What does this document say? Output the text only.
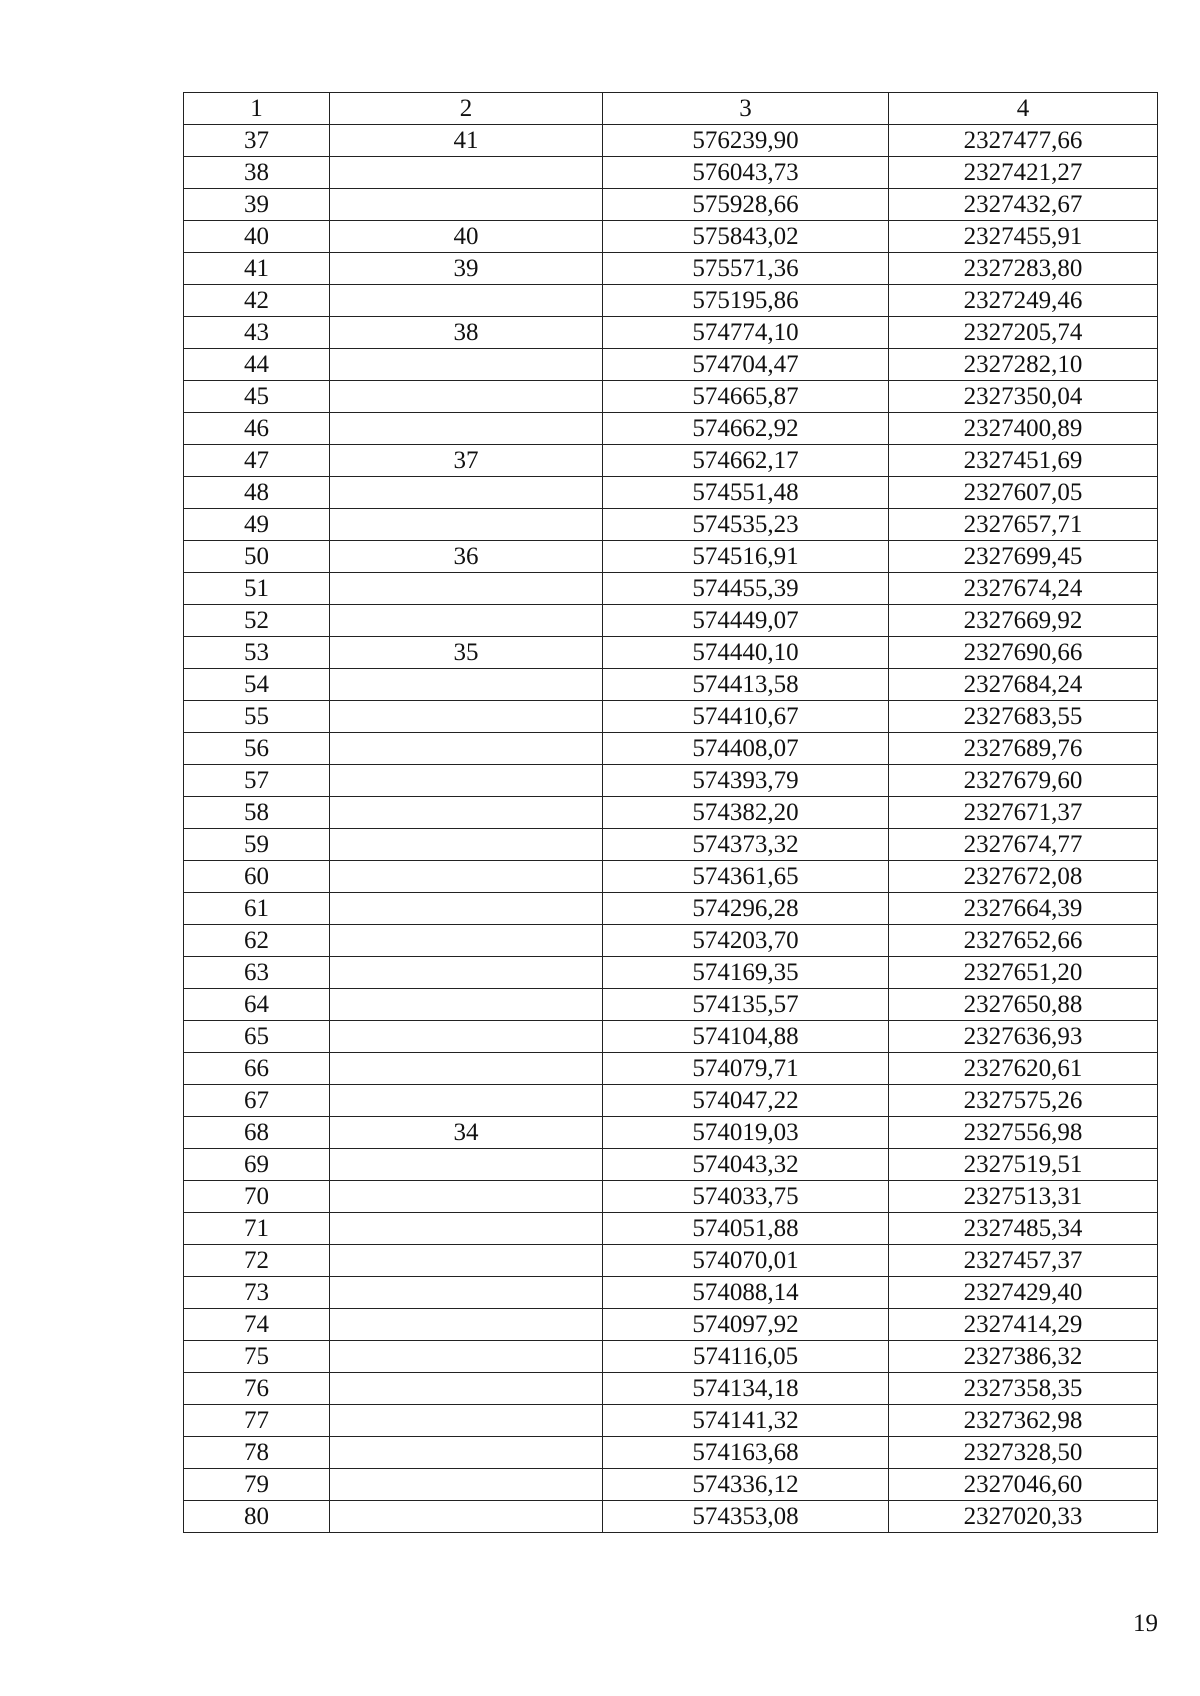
1	2	3	4
37	41	576239,90	2327477,66
38		576043,73	2327421,27
39		575928,66	2327432,67
40	40	575843,02	2327455,91
41	39	575571,36	2327283,80
42		575195,86	2327249,46
43	38	574774,10	2327205,74
44		574704,47	2327282,10
45		574665,87	2327350,04
46		574662,92	2327400,89
47	37	574662,17	2327451,69
48		574551,48	2327607,05
49		574535,23	2327657,71
50	36	574516,91	2327699,45
51		574455,39	2327674,24
52		574449,07	2327669,92
53	35	574440,10	2327690,66
54		574413,58	2327684,24
55		574410,67	2327683,55
56		574408,07	2327689,76
57		574393,79	2327679,60
58		574382,20	2327671,37
59		574373,32	2327674,77
60		574361,65	2327672,08
61		574296,28	2327664,39
62		574203,70	2327652,66
63		574169,35	2327651,20
64		574135,57	2327650,88
65		574104,88	2327636,93
66		574079,71	2327620,61
67		574047,22	2327575,26
68	34	574019,03	2327556,98
69		574043,32	2327519,51
70		574033,75	2327513,31
71		574051,88	2327485,34
72		574070,01	2327457,37
73		574088,14	2327429,40
74		574097,92	2327414,29
75		574116,05	2327386,32
76		574134,18	2327358,35
77		574141,32	2327362,98
78		574163,68	2327328,50
79		574336,12	2327046,60
80		574353,08	2327020,33
19
